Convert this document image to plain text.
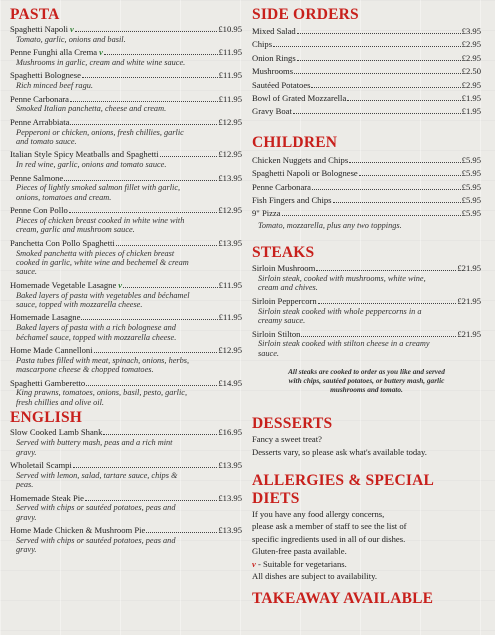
PASTA
Spaghetti Napoli v	£10.95
Tomato, garlic, onions and basil.
Penne Funghi alla Crema v	£11.95
Mushrooms in garlic, cream and white wine sauce.
Spaghetti Bolognese	£11.95
Rich minced beef ragu.
Penne Carbonara	£11.95
Smoked Italian panchetta, cheese and cream.
Penne Arrabbiata	£12.95
Pepperoni or chicken, onions, fresh chillies, garlic
and tomato sauce.
Italian Style Spicy Meatballs and Spaghetti	£12.95
In red wine, garlic, onions and tomato sauce.
Penne Salmone	£13.95
Pieces of lightly smoked salmon fillet with garlic,
onions, tomatoes and cream.
Penne Con Pollo	£12.95
Pieces of chicken breast cooked in white wine with
cream, garlic and mushroom sauce.
Panchetta Con Pollo Spaghetti	£13.95
Smoked panchetta with pieces of chicken breast
cooked in garlic, white wine and bechemel & cream
sauce.
Homemade Vegetable Lasagne v	£11.95
Baked layers of pasta with vegetables and béchamel
sauce, topped with mozzarella cheese.
Homemade Lasagne	£11.95
Baked layers of pasta with a rich bolognese and
béchamel sauce, topped with mozzarella cheese.
Home Made Cannelloni	£12.95
Pasta tubes filled with meat, spinach, onions, herbs,
mascarpone cheese & chopped tomatoes.
Spaghetti Gamberetto	£14.95
King prawns, tomatoes, onions, basil, pesto, garlic,
fresh chillies and olive oil.
ENGLISH
Slow Cooked Lamb Shank	£16.95
Served with buttery mash, peas and a rich mint
gravy.
Wholetail Scampi	£13.95
Served with lemon, salad, tartare sauce, chips &
peas.
Homemade Steak Pie	£13.95
Served with chips or sautéed potatoes, peas and
gravy.
Home Made Chicken & Mushroom Pie	£13.95
Served with chips or sautéed potatoes, peas and
gravy.
SIDE ORDERS
Mixed Salad	£3.95
Chips	£2.95
Onion Rings	£2.95
Mushrooms	£2.50
Sautéed Potatoes	£2.95
Bowl of Grated Mozzarella	£1.95
Gravy Boat	£1.95
CHILDREN
Chicken Nuggets and Chips	£5.95
Spaghetti Napoli or Bolognese	£5.95
Penne Carbonara	£5.95
Fish Fingers and Chips	£5.95
9" Pizza	£5.95
Tomato, mozzarella, plus any two toppings.
STEAKS
Sirloin Mushroom	£21.95
Sirloin steak, cooked with mushrooms, white wine,
cream and chives.
Sirloin Peppercorn	£21.95
Sirloin steak cooked with whole peppercorns in a
creamy sauce.
Sirloin Stilton	£21.95
Sirloin steak cooked with stilton cheese in a creamy
sauce.
All steaks are cooked to order as you like and served
with chips, sautéed potatoes, or buttery mash, garlic
mushrooms and tomato.
DESSERTS
Fancy a sweet treat?
Desserts vary, so please ask what's available today.
ALLERGIES & SPECIAL DIETS
If you have any food allergy concerns,
please ask a member of staff to see the list of
specific ingredients used in all of our dishes.
Gluten-free pasta available.
v - Suitable for vegetarians.
All dishes are subject to availability.
TAKEAWAY AVAILABLE
